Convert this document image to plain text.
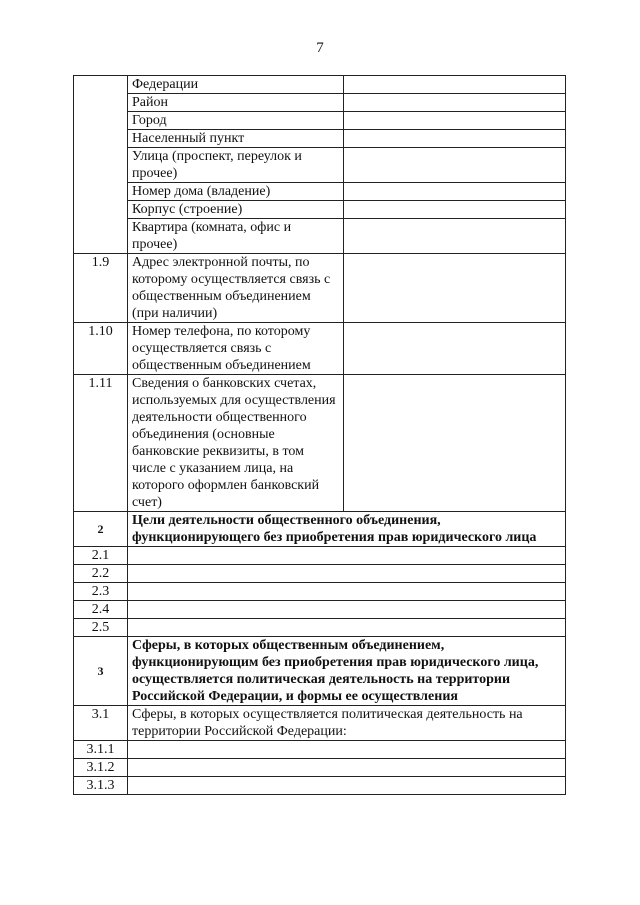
7
	Федерации	
	Район	
	Город	
	Населенный пункт	
	Улица (проспект, переулок и прочее)	
	Номер дома (владение)	
	Корпус (строение)	
	Квартира (комната, офис и прочее)	
1.9	Адрес электронной почты, по которому осуществляется связь с общественным объединением (при наличии)	
1.10	Номер телефона, по которому осуществляется связь с общественным объединением	
1.11	Сведения о банковских счетах, используемых для осуществления деятельности общественного объединения (основные банковские реквизиты, в том числе с указанием лица, на которого оформлен банковский счет)	
2	Цели деятельности общественного объединения, функционирующего без приобретения прав юридического лица	
2.1		
2.2		
2.3		
2.4		
2.5		
3	Сферы, в которых общественным объединением, функционирующим без приобретения прав юридического лица, осуществляется политическая деятельность на территории Российской Федерации, и формы ее осуществления	
3.1	Сферы, в которых осуществляется политическая деятельность на территории Российской Федерации:	
3.1.1		
3.1.2		
3.1.3		
